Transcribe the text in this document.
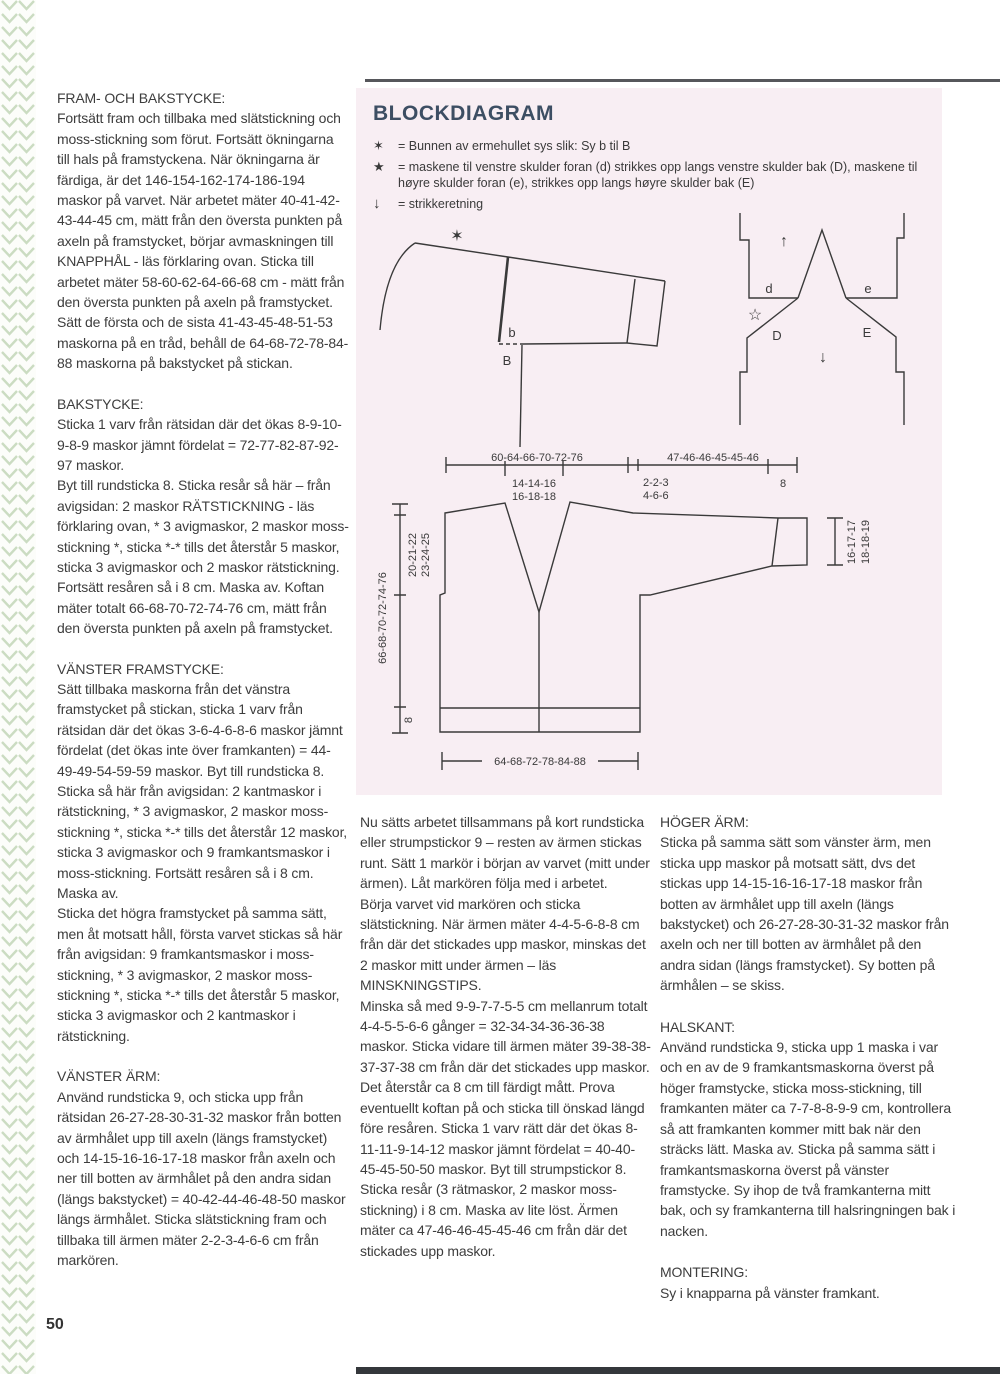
FRAM- OCH BAKSTYCKE:

Fortsätt fram och tillbaka med slätstickning och moss-stickning som förut. Fortsätt ökningarna till hals på framstyckena. När ökningarna är färdiga, är det 146-154-162-174-186-194 maskor på varvet. När arbetet mäter 40-41-42-43-44-45 cm, mätt från den översta punkten på axeln på framstycket, börjar avmaskningen till KNAPPHÅL - läs förklaring ovan. Sticka till arbetet mäter 58-60-62-64-66-68 cm - mätt från den översta punkten på axeln på framstycket. Sätt de första och de sista 41-43-45-48-51-53 maskorna på en tråd, behåll de 64-68-72-78-84-88 maskorna på bakstycket på stickan.

BAKSTYCKE:

Sticka 1 varv från rätsidan där det ökas 8-9-10-9-8-9 maskor jämnt fördelat = 72-77-82-87-92-97 maskor.

Byt till rundsticka 8. Sticka resår så här – från avigsidan: 2 maskor RÄTSTICKNING - läs förklaring ovan, * 3 avigmaskor, 2 maskor moss-stickning *, sticka *-* tills det återstår 5 maskor, sticka 3 avigmaskor och 2 maskor rätstickning. Fortsätt resåren så i 8 cm. Maska av. Koftan mäter totalt 66-68-70-72-74-76 cm, mätt från den översta punkten på axeln på framstycket.

VÄNSTER FRAMSTYCKE:

Sätt tillbaka maskorna från det vänstra framstycket på stickan, sticka 1 varv från rätsidan där det ökas 3-6-4-6-8-6 maskor jämnt fördelat (det ökas inte över framkanten) = 44-49-49-54-59-59 maskor. Byt till rundsticka 8. Sticka så här från avigsidan: 2 kantmaskor i rätstickning, * 3 avigmaskor, 2 maskor moss-stickning *, sticka *-* tills det återstår 12 maskor, sticka 3 avigmaskor och 9 framkantsmaskor i moss-stickning. Fortsätt resåren så i 8 cm. Maska av.

Sticka det högra framstycket på samma sätt, men åt motsatt håll, första varvet stickas så här från avigsidan: 9 framkantsmaskor i moss-stickning, * 3 avigmaskor, 2 maskor moss-stickning *, sticka *-* tills det återstår 5 maskor, sticka 3 avigmaskor och 2 kantmaskor i rätstickning.

VÄNSTER ÄRM:

Använd rundsticka 9, och sticka upp från rätsidan 26-27-28-30-31-32 maskor från botten av ärmhålet upp till axeln (längs framstycket) och 14-15-16-16-17-18 maskor från axeln och ner till botten av ärmhålet på den andra sidan (längs bakstycket) = 40-42-44-46-48-50 maskor längs ärmhålet. Sticka slätstickning fram och tillbaka till ärmen mäter 2-2-3-4-6-6 cm från markören.

BLOCKDIAGRAM
✶	= Bunnen av ermehullet sys slik: Sy b til B
★	= maskene til venstre skulder foran (d) strikkes opp langs venstre skulder bak (D), maskene til høyre skulder foran (e), strikkes opp langs høyre skulder bak (E)
↓	= strikkeretning
✶
☆
↑
↓
b
B
d	e
D	E
60-64-66-70-72-76	47-46-46-45-45-46
14-14-16
16-18-18
2-2-3
4-6-6
8
66-68-70-72-74-76
20-21-22 23-24-25
8
16-17-17 18-18-19
64-68-72-78-84-88

Nu sätts arbetet tillsammans på kort rundsticka eller strumpstickor 9 – resten av ärmen stickas runt. Sätt 1 markör i början av varvet (mitt under ärmen). Låt markören följa med i arbetet.

Börja varvet vid markören och sticka slätstickning. När ärmen mäter 4-4-5-6-8-8 cm från där det stickades upp maskor, minskas det 2 maskor mitt under ärmen – läs MINSKNINGSTIPS.

Minska så med 9-9-7-7-5-5 cm mellanrum totalt 4-4-5-5-6-6 gånger = 32-34-34-36-36-38 maskor. Sticka vidare till ärmen mäter 39-38-38-37-37-38 cm från där det stickades upp maskor. Det återstår ca 8 cm till färdigt mått. Prova eventuellt koftan på och sticka till önskad längd före resåren. Sticka 1 varv rätt där det ökas 8-11-11-9-14-12 maskor jämnt fördelat = 40-40-45-45-50-50 maskor. Byt till strumpstickor 8. Sticka resår (3 rätmaskor, 2 maskor moss-stickning) i 8 cm. Maska av lite löst. Ärmen mäter ca 47-46-46-45-45-46 cm från där det stickades upp maskor.

HÖGER ÄRM:

Sticka på samma sätt som vänster ärm, men sticka upp maskor på motsatt sätt, dvs det stickas upp 14-15-16-16-17-18 maskor från botten av ärmhålet upp till axeln (längs bakstycket) och 26-27-28-30-31-32 maskor från axeln och ner till botten av ärmhålet på den andra sidan (längs framstycket). Sy botten på ärmhålen – se skiss.

HALSKANT:

Använd rundsticka 9, sticka upp 1 maska i var och en av de 9 framkantsmaskorna överst på höger framstycke, sticka moss-stickning, till framkanten mäter ca 7-7-8-8-9-9 cm, kontrollera så att framkanten kommer mitt bak när den sträcks lätt. Maska av. Sticka på samma sätt i framkantsmaskorna överst på vänster framstycke. Sy ihop de två framkanterna mitt bak, och sy framkanterna till halsringningen bak i nacken.

MONTERING:

Sy i knapparna på vänster framkant.

50
